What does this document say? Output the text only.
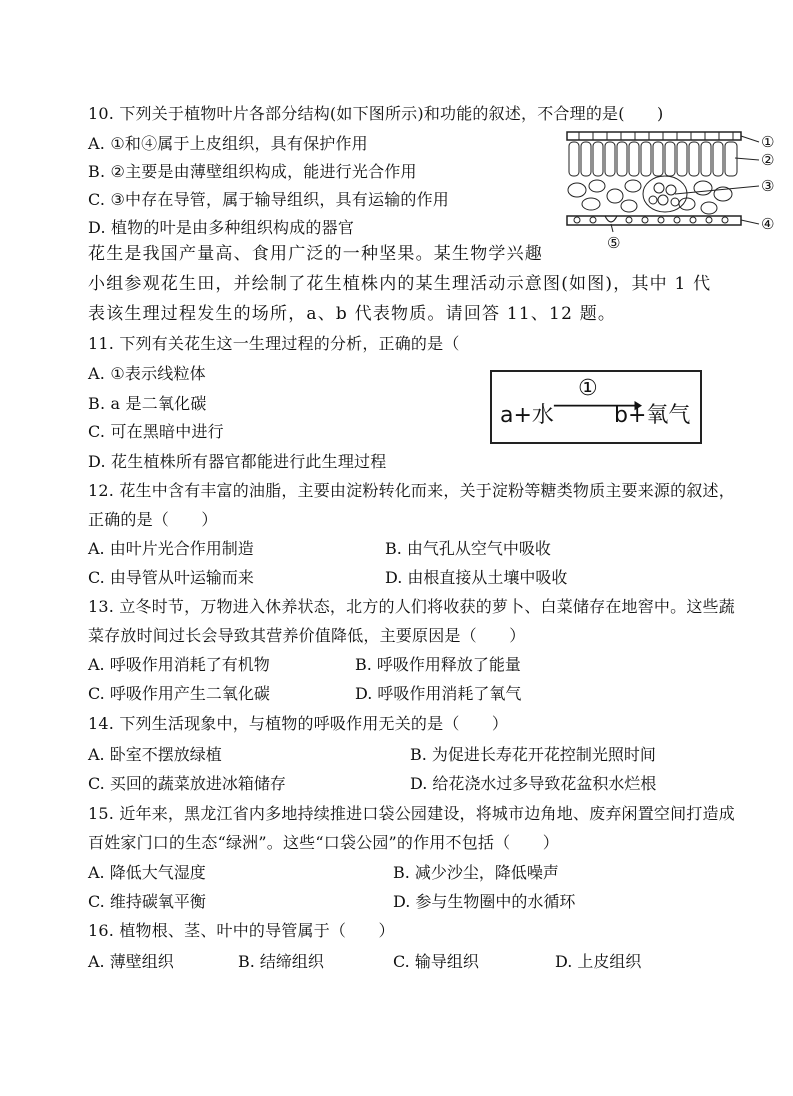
10. 下列关于植物叶片各部分结构(如下图所示)和功能的叙述，不合理的是(　　)
A. ①和④属于上皮组织，具有保护作用
B. ②主要是由薄壁组织构成，能进行光合作用
C. ③中存在导管，属于输导组织，具有运输的作用
D. 植物的叶是由多种组织构成的器官
①
②
③
④
⑤
花生是我国产量高、食用广泛的一种坚果。某生物学兴趣
小组参观花生田，并绘制了花生植株内的某生理活动示意图(如图)，其中 1 代
表该生理过程发生的场所，a、b 代表物质。请回答 11、12 题。
11. 下列有关花生这一生理过程的分析，正确的是（
A. ①表示线粒体
B. a 是二氧化碳
C. 可在黑暗中进行
D. 花生植株所有器官都能进行此生理过程
a+水
①
b+氧气
12. 花生中含有丰富的油脂，主要由淀粉转化而来，关于淀粉等糖类物质主要来源的叙述，
正确的是（　　）
A. 由叶片光合作用制造	B. 由气孔从空气中吸收
C. 由导管从叶运输而来	D. 由根直接从土壤中吸收
13. 立冬时节，万物进入休养状态，北方的人们将收获的萝卜、白菜储存在地窖中。这些蔬
菜存放时间过长会导致其营养价值降低，主要原因是（　　）
A. 呼吸作用消耗了有机物	B. 呼吸作用释放了能量
C. 呼吸作用产生二氧化碳	D. 呼吸作用消耗了氧气
14. 下列生活现象中，与植物的呼吸作用无关的是（　　）
A. 卧室不摆放绿植	B. 为促进长寿花开花控制光照时间
C. 买回的蔬菜放进冰箱储存	D. 给花浇水过多导致花盆积水烂根
15. 近年来，黑龙江省内多地持续推进口袋公园建设，将城市边角地、废弃闲置空间打造成
百姓家门口的生态“绿洲”。这些“口袋公园”的作用不包括（　　）
A. 降低大气湿度	B. 减少沙尘，降低噪声
C. 维持碳氧平衡	D. 参与生物圈中的水循环
16. 植物根、茎、叶中的导管属于（　　）
A. 薄壁组织	B. 结缔组织	C. 输导组织	D. 上皮组织
